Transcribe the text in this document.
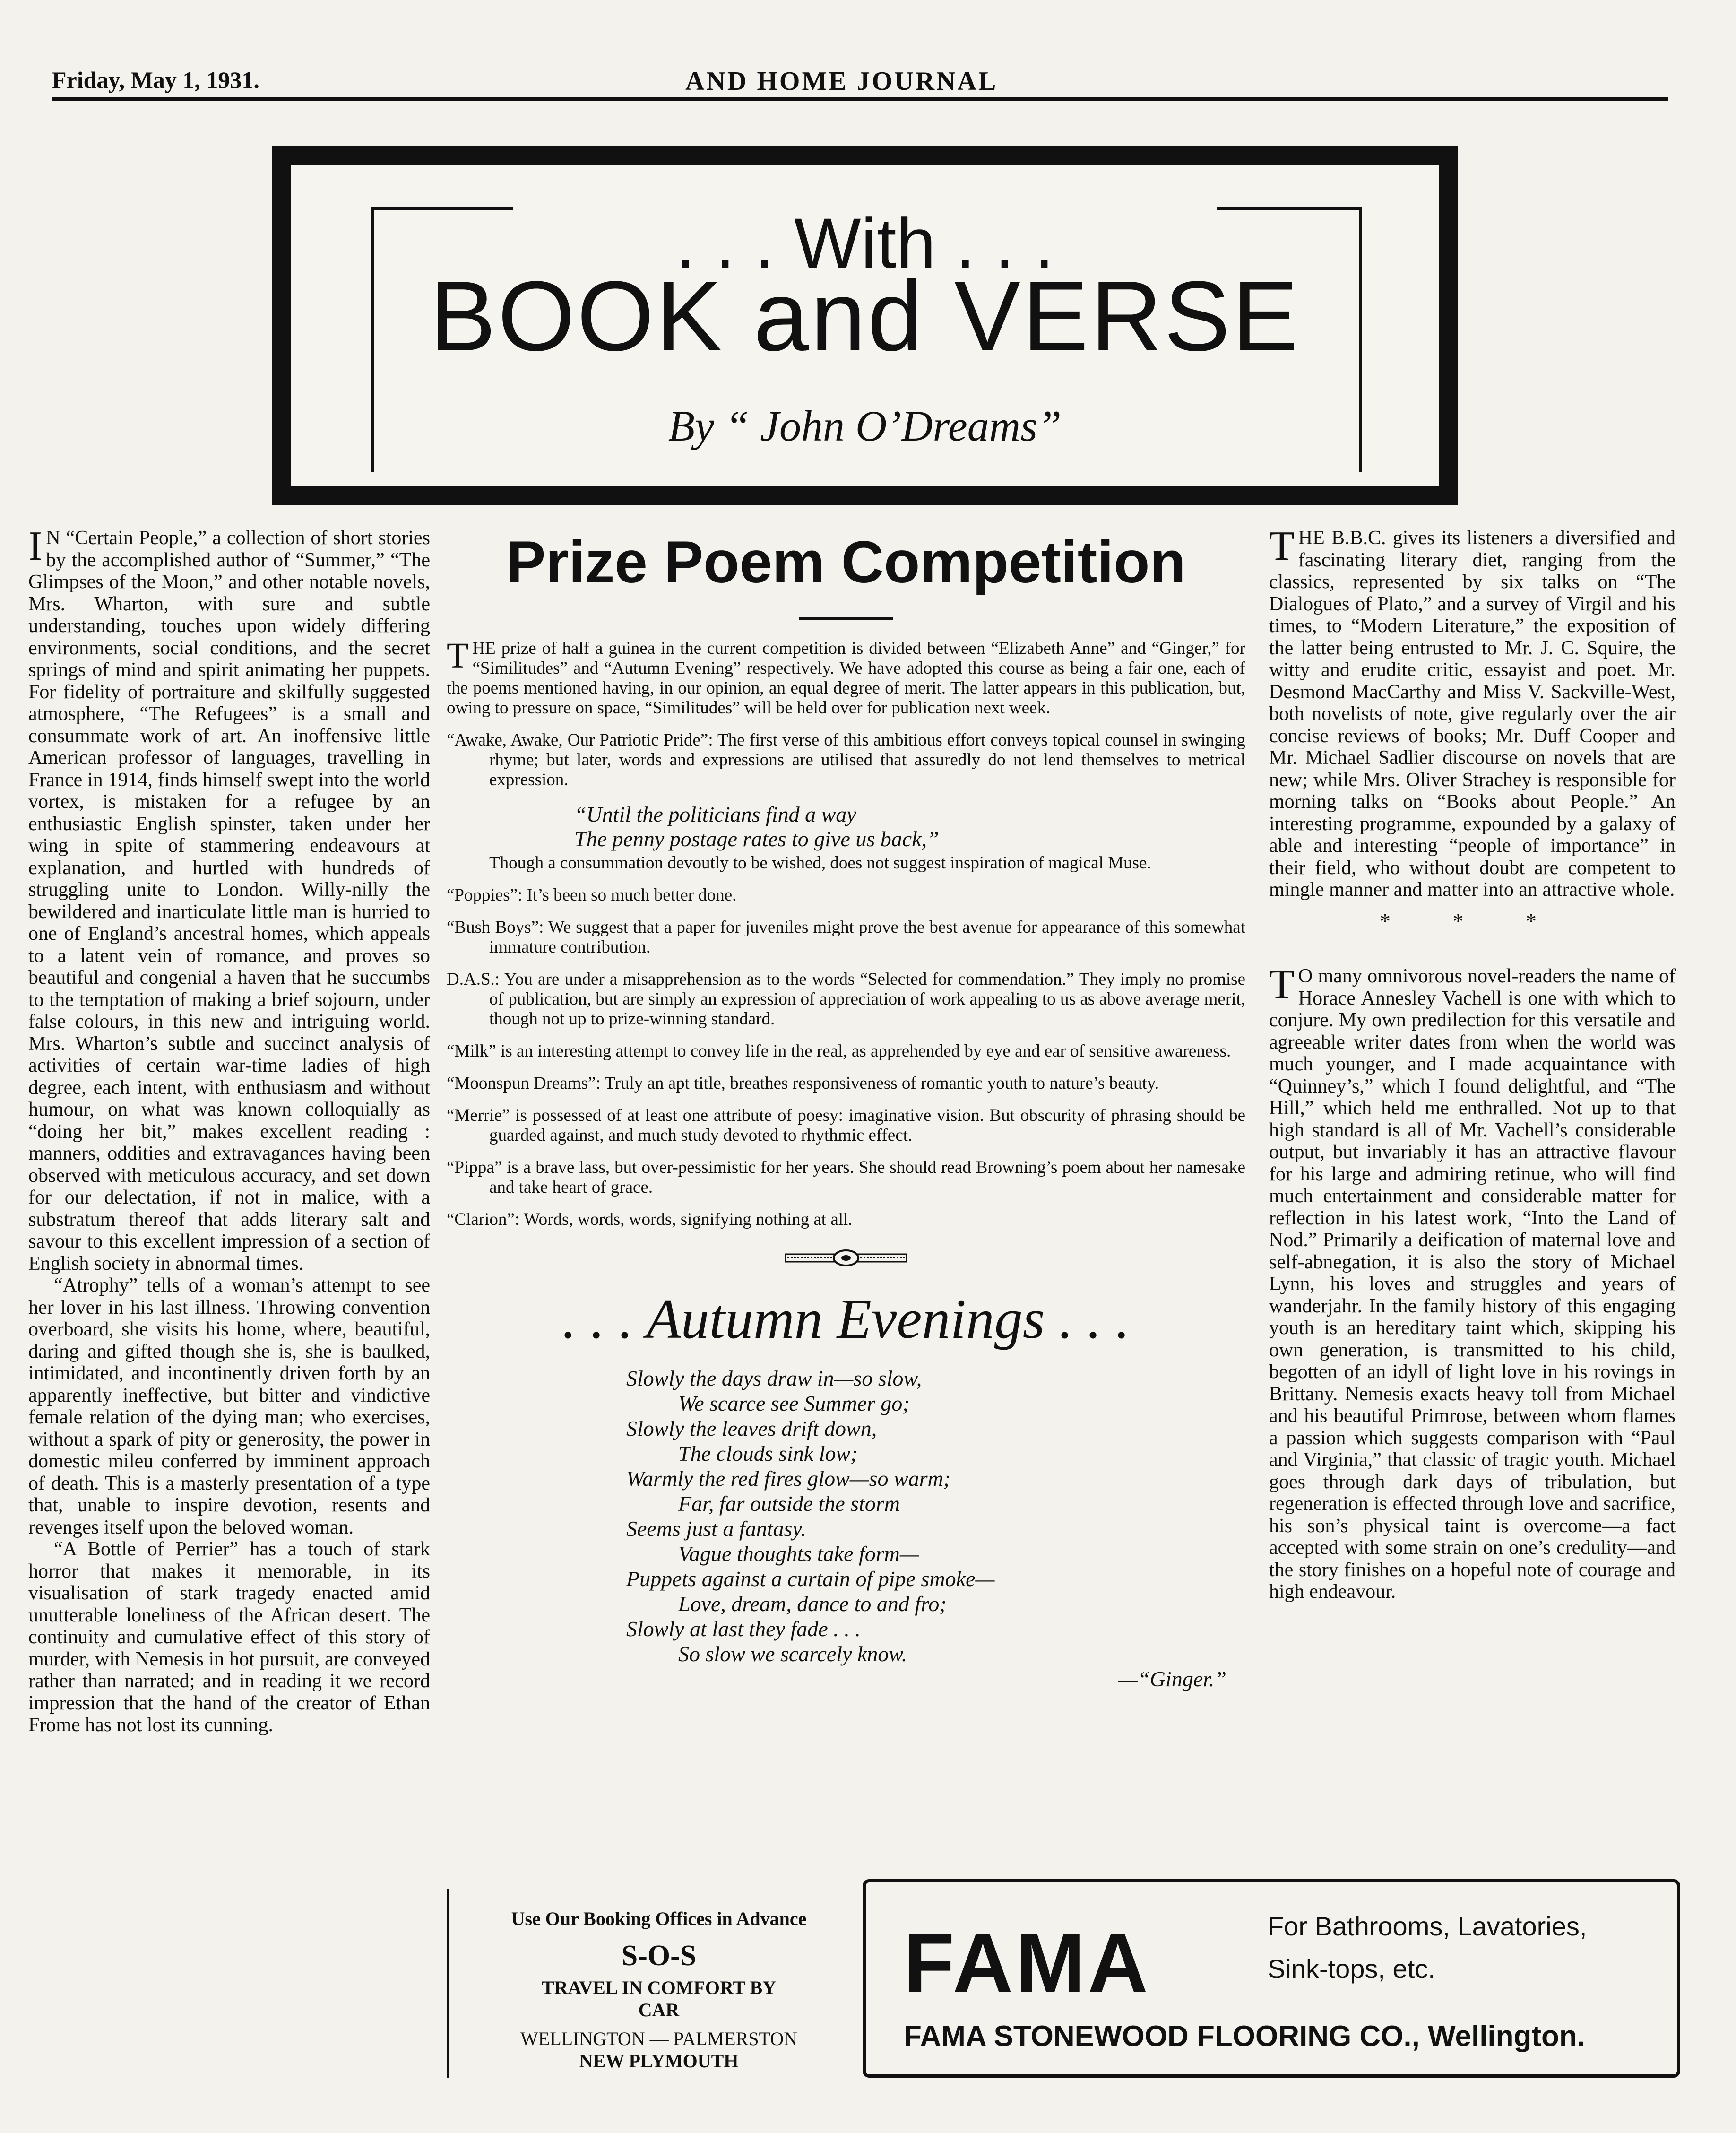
Friday, May 1, 1931.	AND HOME JOURNAL
. . . With . . .
BOOK and VERSE
By “ John O’Dreams”

I N “Certain People,” a collection of short stories by the accomplished author of “Summer,” “The Glimpses of the Moon,” and other notable novels, Mrs. Wharton, with sure and subtle understanding, touches upon widely differing environments, social conditions, and the secret springs of mind and spirit animating her puppets. For fidelity of portraiture and skilfully suggested atmosphere, “The Refugees” is a small and consummate work of art. An inoffensive little American professor of languages, travelling in France in 1914, finds himself swept into the world vortex, is mistaken for a refugee by an enthusiastic English spinster, taken under her wing in spite of stammering endeavours at explanation, and hurtled with hundreds of struggling unite to London. Willy-nilly the bewildered and inarticulate little man is hurried to one of England’s ancestral homes, which appeals to a latent vein of romance, and proves so beautiful and congenial a haven that he succumbs to the temptation of making a brief sojourn, under false colours, in this new and intriguing world. Mrs. Wharton’s subtle and succinct analysis of activities of certain war-time ladies of high degree, each intent, with enthusiasm and without humour, on what was known colloquially as “doing her bit,” makes excellent reading : manners, oddities and extravagances having been observed with meticulous accuracy, and set down for our delectation, if not in malice, with a substratum thereof that adds literary salt and savour to this excellent impression of a section of English society in abnormal times.

“Atrophy” tells of a woman’s attempt to see her lover in his last illness. Throwing convention overboard, she visits his home, where, beautiful, daring and gifted though she is, she is baulked, intimidated, and incontinently driven forth by an apparently ineffective, but bitter and vindictive female relation of the dying man; who exercises, without a spark of pity or generosity, the power in domestic mileu conferred by imminent approach of death. This is a masterly presentation of a type that, unable to inspire devotion, resents and revenges itself upon the beloved woman.

“A Bottle of Perrier” has a touch of stark horror that makes it memorable, in its visualisation of stark tragedy enacted amid unutterable loneliness of the African desert. The continuity and cumulative effect of this story of murder, with Nemesis in hot pursuit, are conveyed rather than narrated; and in reading it we record impression that the hand of the creator of Ethan Frome has not lost its cunning.

Prize Poem Competition

THE prize of half a guinea in the current competition is divided between “Elizabeth Anne” and “Ginger,” for “Similitudes” and “Autumn Evening” respectively. We have adopted this course as being a fair one, each of the poems mentioned having, in our opinion, an equal degree of merit. The latter appears in this publication, but, owing to pressure on space, “Similitudes” will be held over for publication next week.

“Awake, Awake, Our Patriotic Pride”: The first verse of this ambitious effort conveys topical counsel in swinging rhyme; but later, words and expressions are utilised that assuredly do not lend themselves to metrical expression.

“Until the politicians find a way
The penny postage rates to give us back,”

Though a consummation devoutly to be wished, does not suggest inspiration of magical Muse.

“Poppies”: It’s been so much better done.

“Bush Boys”: We suggest that a paper for juveniles might prove the best avenue for appearance of this somewhat immature contribution.

D.A.S.: You are under a misapprehension as to the words “Selected for commendation.” They imply no promise of publication, but are simply an expression of appreciation of work appealing to us as above average merit, though not up to prize-winning standard.

“Milk” is an interesting attempt to convey life in the real, as apprehended by eye and ear of sensitive awareness.

“Moonspun Dreams”: Truly an apt title, breathes responsiveness of romantic youth to nature’s beauty.

“Merrie” is possessed of at least one attribute of poesy: imaginative vision. But obscurity of phrasing should be guarded against, and much study devoted to rhythmic effect.

“Pippa” is a brave lass, but over-pessimistic for her years. She should read Browning’s poem about her namesake and take heart of grace.

“Clarion”: Words, words, words, signifying nothing at all.

. . . Autumn Evenings . . .
Slowly the days draw in—so slow,
We scarce see Summer go;
Slowly the leaves drift down,
The clouds sink low;
Warmly the red fires glow—so warm;
Far, far outside the storm
Seems just a fantasy.
Vague thoughts take form—
Puppets against a curtain of pipe smoke—
Love, dream, dance to and fro;
Slowly at last they fade . . .
So slow we scarcely know.
—“Ginger.”

THE B.B.C. gives its listeners a diversified and fascinating literary diet, ranging from the classics, represented by six talks on “The Dialogues of Plato,” and a survey of Virgil and his times, to “Modern Literature,” the exposition of the latter being entrusted to Mr. J. C. Squire, the witty and erudite critic, essayist and poet. Mr. Desmond MacCarthy and Miss V. Sackville-West, both novelists of note, give regularly over the air concise reviews of books; Mr. Duff Cooper and Mr. Michael Sadlier discourse on novels that are new; while Mrs. Oliver Strachey is responsible for morning talks on “Books about People.” An interesting programme, expounded by a galaxy of able and interesting “people of importance” in their field, who without doubt are competent to mingle manner and matter into an attractive whole.

* * *

T O many omnivorous novel-readers the name of Horace Annesley Vachell is one with which to conjure. My own predilection for this versatile and agreeable writer dates from when the world was much younger, and I made acquaintance with “Quinney’s,” which I found delightful, and “The Hill,” which held me enthralled. Not up to that high standard is all of Mr. Vachell’s considerable output, but invariably it has an attractive flavour for his large and admiring retinue, who will find much entertainment and considerable matter for reflection in his latest work, “Into the Land of Nod.” Primarily a deification of maternal love and self-abnegation, it is also the story of Michael Lynn, his loves and struggles and years of wanderjahr. In the family history of this engaging youth is an hereditary taint which, skipping his own generation, is transmitted to his child, begotten of an idyll of light love in his rovings in Brittany. Nemesis exacts heavy toll from Michael and his beautiful Primrose, between whom flames a passion which suggests comparison with “Paul and Virginia,” that classic of tragic youth. Michael goes through dark days of tribulation, but regeneration is effected through love and sacrifice, his son’s physical taint is overcome—a fact accepted with some strain on one’s credulity—and the story finishes on a hopeful note of courage and high endeavour.

Use Our Booking Offices in Advance
S-O-S
TRAVEL IN COMFORT BY
CAR
WELLINGTON — PALMERSTON
NEW PLYMOUTH
FAMA	For Bathrooms, Lavatories,
Sink-tops, etc.
FAMA STONEWOOD FLOORING CO., Wellington.
